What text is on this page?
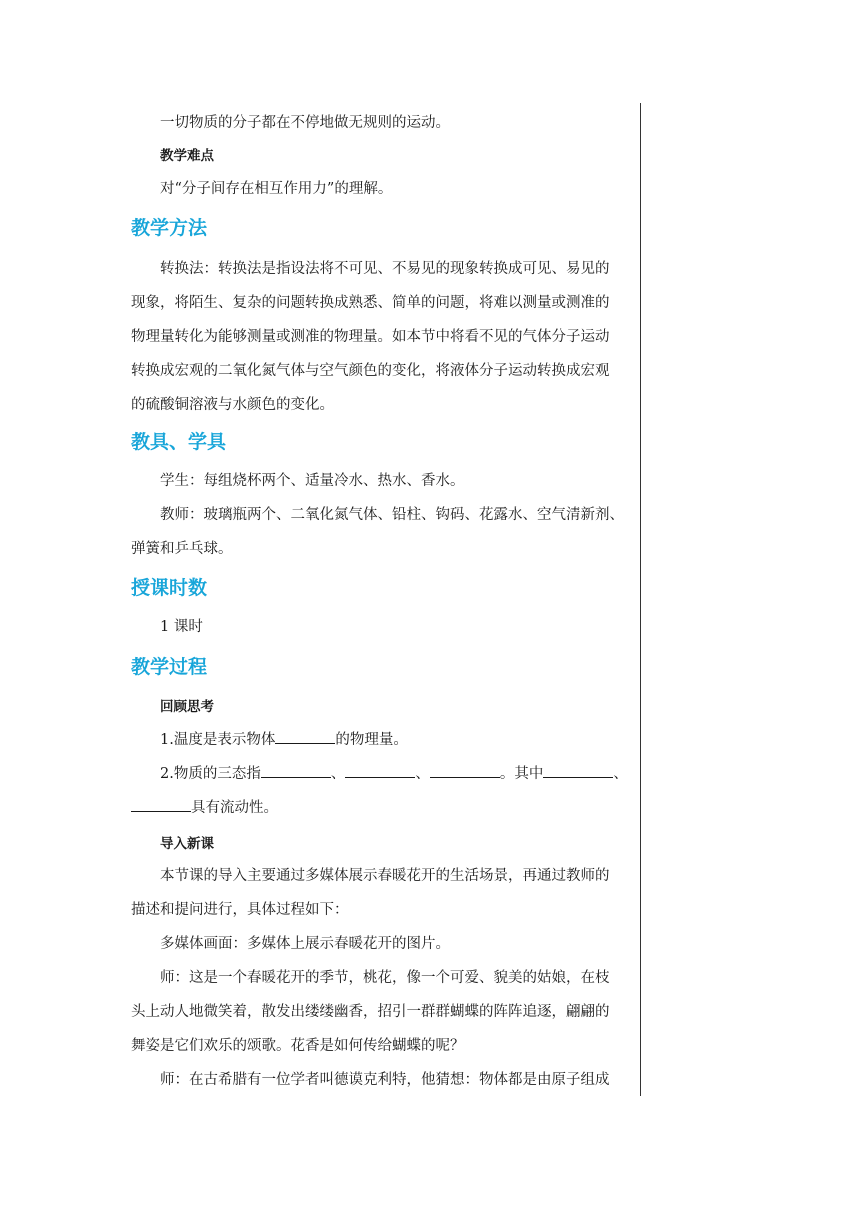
一切物质的分子都在不停地做无规则的运动。
教学难点
对“分子间存在相互作用力”的理解。
教学方法
转换法：转换法是指设法将不可见、不易见的现象转换成可见、易见的
现象，将陌生、复杂的问题转换成熟悉、简单的问题，将难以测量或测准的
物理量转化为能够测量或测准的物理量。如本节中将看不见的气体分子运动
转换成宏观的二氧化氮气体与空气颜色的变化，将液体分子运动转换成宏观
的硫酸铜溶液与水颜色的变化。
教具、学具
学生：每组烧杯两个、适量冷水、热水、香水。
教师：玻璃瓶两个、二氧化氮气体、铅柱、钩码、花露水、空气清新剂、
弹簧和乒乓球。
授课时数
1 课时
教学过程
回顾思考
1.温度是表示物体	的物理量。
2.物质的三态指	、	、	。其中	、
具有流动性。
导入新课
本节课的导入主要通过多媒体展示春暖花开的生活场景，再通过教师的
描述和提问进行，具体过程如下：
多媒体画面：多媒体上展示春暖花开的图片。
师：这是一个春暖花开的季节，桃花，像一个可爱、貌美的姑娘，在枝
头上动人地微笑着，散发出缕缕幽香，招引一群群蝴蝶的阵阵追逐，翩翩的
舞姿是它们欢乐的颂歌。花香是如何传给蝴蝶的呢？
师：在古希腊有一位学者叫德谟克利特，他猜想：物体都是由原子组成
